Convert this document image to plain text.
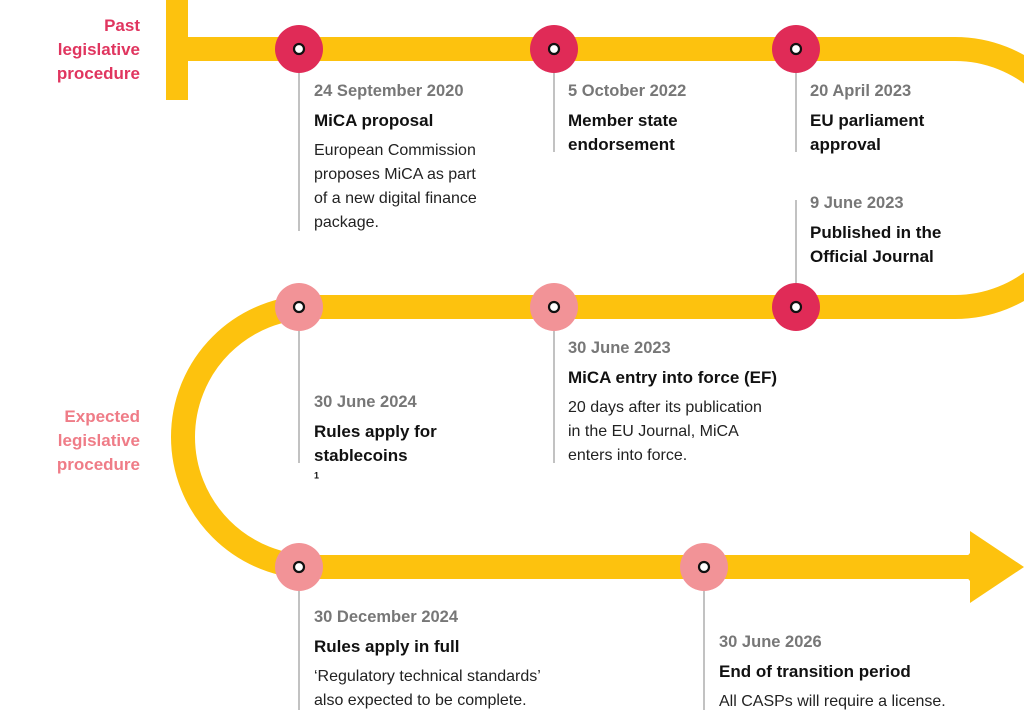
Past
legislative
procedure
Expected
legislative
procedure
24 September 2020
MiCA proposal
European Commission
proposes MiCA as part
of a new digital finance
package.
5 October 2022
Member state
endorsement
20 April 2023
EU parliament
approval
9 June 2023
Published in the
Official Journal
30 June 2023
MiCA entry into force (EF)
20 days after its publication
in the EU Journal, MiCA
enters into force.
30 June 2024
Rules apply for
stablecoins
$^1$
30 December 2024
Rules apply in full
‘Regulatory technical standards’
also expected to be complete.
30 June 2026
End of transition period
All CASPs will require a license.
